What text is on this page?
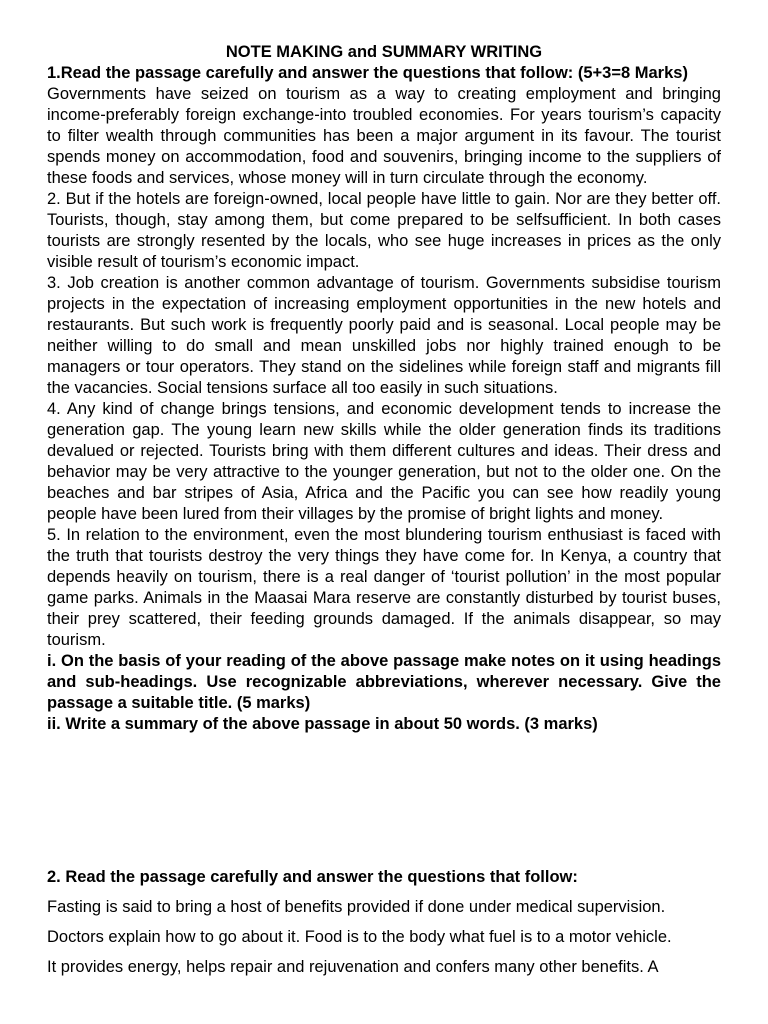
NOTE MAKING and SUMMARY WRITING

1.Read the passage carefully and answer the questions that follow: (5+3=8 Marks)

Governments have seized on tourism as a way to creating employment and bringing income-preferably foreign exchange-into troubled economies. For years tourism’s capacity to filter wealth through communities has been a major argument in its favour. The tourist spends money on accommodation, food and souvenirs, bringing income to the suppliers of these foods and services, whose money will in turn circulate through the economy.

2. But if the hotels are foreign-owned, local people have little to gain. Nor are they better off. Tourists, though, stay among them, but come prepared to be selfsufficient. In both cases tourists are strongly resented by the locals, who see huge increases in prices as the only visible result of tourism’s economic impact.

3. Job creation is another common advantage of tourism. Governments subsidise tourism projects in the expectation of increasing employment opportunities in the new hotels and restaurants. But such work is frequently poorly paid and is seasonal. Local people may be neither willing to do small and mean unskilled jobs nor highly trained enough to be managers or tour operators. They stand on the sidelines while foreign staff and migrants fill the vacancies. Social tensions surface all too easily in such situations.

4. Any kind of change brings tensions, and economic development tends to increase the generation gap. The young learn new skills while the older generation finds its traditions devalued or rejected. Tourists bring with them different cultures and ideas. Their dress and behavior may be very attractive to the younger generation, but not to the older one. On the beaches and bar stripes of Asia, Africa and the Pacific you can see how readily young people have been lured from their villages by the promise of bright lights and money.

5. In relation to the environment, even the most blundering tourism enthusiast is faced with the truth that tourists destroy the very things they have come for. In Kenya, a country that depends heavily on tourism, there is a real danger of ‘tourist pollution’ in the most popular game parks. Animals in the Maasai Mara reserve are constantly disturbed by tourist buses, their prey scattered, their feeding grounds damaged. If the animals disappear, so may tourism.

i. On the basis of your reading of the above passage make notes on it using headings and sub-headings. Use recognizable abbreviations, wherever necessary. Give the passage a suitable title. (5 marks)

ii. Write a summary of the above passage in about 50 words. (3 marks)

2. Read the passage carefully and answer the questions that follow:

Fasting is said to bring a host of benefits provided if done under medical supervision.

Doctors explain how to go about it. Food is to the body what fuel is to a motor vehicle.

It provides energy, helps repair and rejuvenation and confers many other benefits. A
